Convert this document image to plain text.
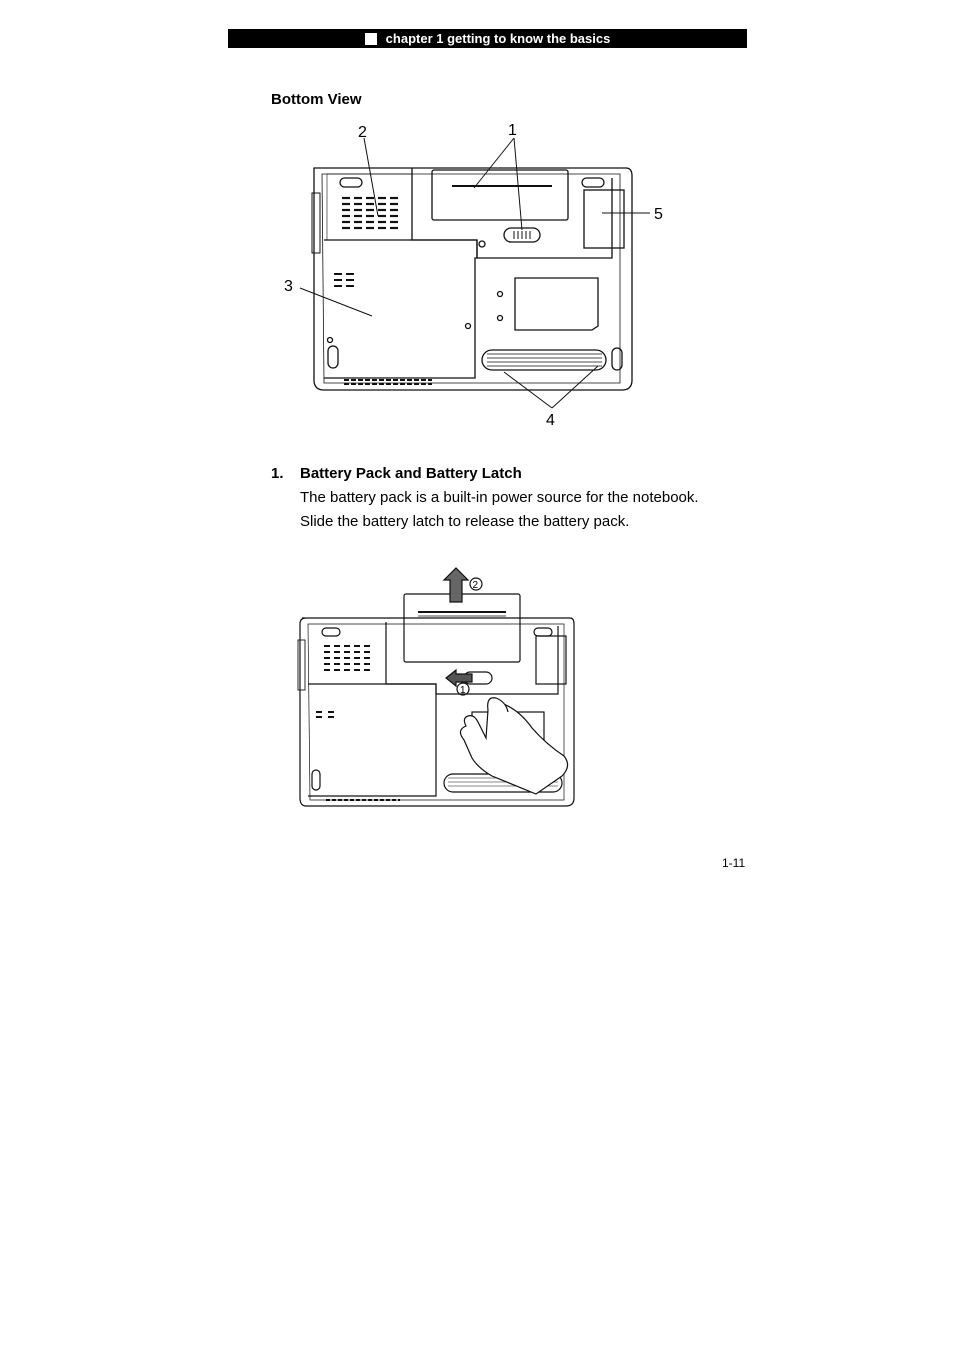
chapter 1 getting to know the basics
Bottom View
2	1
3
5
4
1. Battery Pack and Battery Latch
The battery pack is a built-in power source for the notebook.
Slide the battery latch to release the battery pack.
2
1
1-11
